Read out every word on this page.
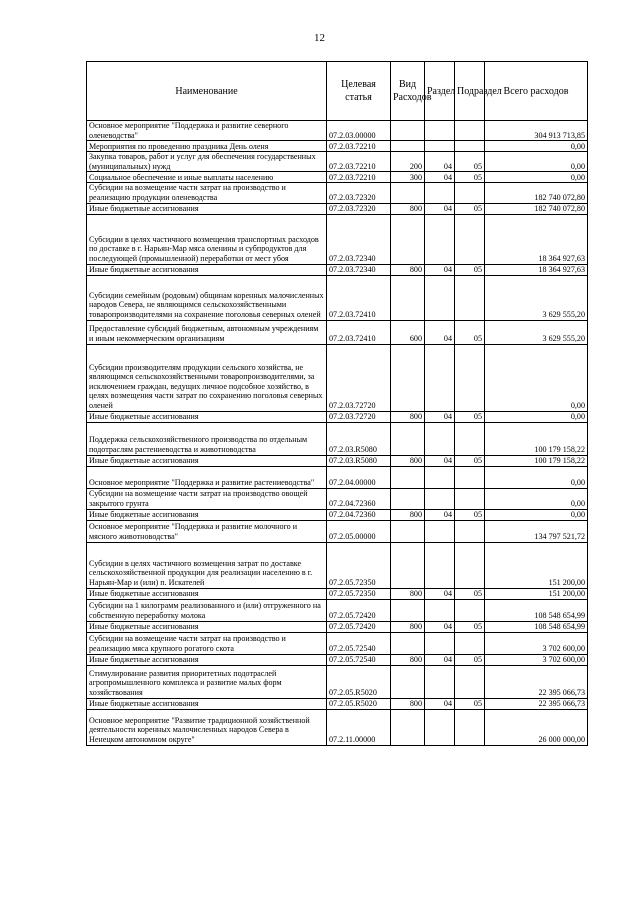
12
Наименование	Целевая статья	Вид Расходов	Раздел	Подраздел	Всего расходов
Основное мероприятие "Поддержка и развитие северного оленеводства"	07.2.03.00000				304 913 713,85
Мероприятия по проведению праздника День оленя	07.2.03.72210				0,00
Закупка товаров, работ и услуг для обеспечения государственных (муниципальных) нужд	07.2.03.72210	200	04	05	0,00
Социальное обеспечение и иные выплаты населению	07.2.03.72210	300	04	05	0,00
Субсидии на возмещение части затрат на производство и реализацию продукции оленеводства	07.2.03.72320				182 740 072,80
Иные бюджетные ассигнования	07.2.03.72320	800	04	05	182 740 072,80
Субсидии в целях частичного возмещения транспортных расходов по доставке в г. Нарьян-Мар мяса оленины и субпродуктов для последующей (промышленной) переработки от мест убоя	07.2.03.72340				18 364 927,63
Иные бюджетные ассигнования	07.2.03.72340	800	04	05	18 364 927,63
Субсидии семейным (родовым) общинам коренных малочисленных народов Севера, не являющимся сельскохозяйственными товаропроизводителями на сохранение поголовья северных оленей	07.2.03.72410				3 629 555,20
Предоставление субсидий бюджетным, автономным учреждениям и иным некоммерческим организациям	07.2.03.72410	600	04	05	3 629 555,20
Субсидии производителям продукции сельского хозяйства, не являющимся сельскохозяйственными товаропроизводителями, за исключением граждан, ведущих личное подсобное хозяйство, в целях возмещения части затрат по сохранению поголовья северных оленей	07.2.03.72720				0,00
Иные бюджетные ассигнования	07.2.03.72720	800	04	05	0,00
Поддержка сельскохозяйственного производства по отдельным подотраслям растениеводства и животноводства	07.2.03.R5080				100 179 158,22
Иные бюджетные ассигнования	07.2.03.R5080	800	04	05	100 179 158,22
Основное мероприятие "Поддержка и развитие растениеводства"	07.2.04.00000				0,00
Субсидии на возмещение части затрат на производство овощей закрытого грунта	07.2.04.72360				0,00
Иные бюджетные ассигнования	07.2.04.72360	800	04	05	0,00
Основное мероприятие "Поддержка и развитие молочного и мясного животноводства"	07.2.05.00000				134 797 521,72
Субсидии в целях частичного возмещения затрат по доставке сельскохозяйственной продукции для реализации населению в г. Нарьян-Мар и (или) п. Искателей	07.2.05.72350				151 200,00
Иные бюджетные ассигнования	07.2.05.72350	800	04	05	151 200,00
Субсидии на 1 килограмм реализованного и (или) отгруженного на собственную переработку молока	07.2.05.72420				108 548 654,99
Иные бюджетные ассигнования	07.2.05.72420	800	04	05	108 548 654,99
Субсидии на возмещение части затрат на производство и реализацию мяса крупного рогатого скота	07.2.05.72540				3 702 600,00
Иные бюджетные ассигнования	07.2.05.72540	800	04	05	3 702 600,00
Стимулирование развития приоритетных подотраслей агропромышленного комплекса и развитие малых форм хозяйствования	07.2.05.R5020				22 395 066,73
Иные бюджетные ассигнования	07.2.05.R5020	800	04	05	22 395 066,73
Основное мероприятие "Развитие традиционной хозяйственной деятельности коренных малочисленных народов Севера в Ненецком автономном округе"	07.2.11.00000				26 000 000,00
